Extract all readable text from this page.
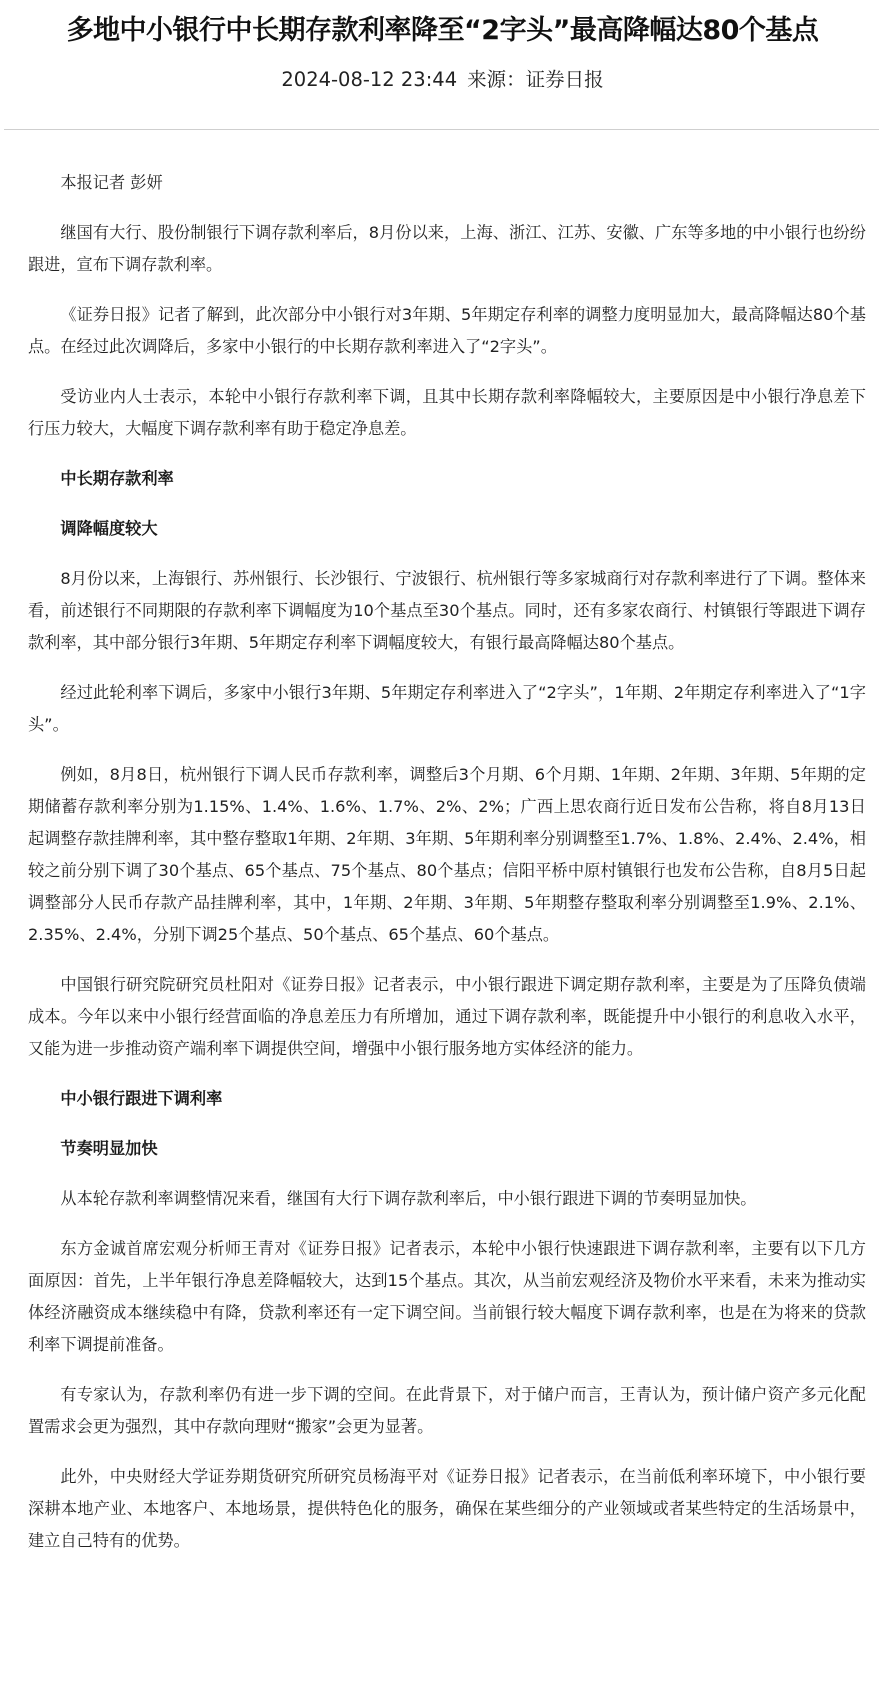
多地中小银行中长期存款利率降至“2字头”最高降幅达80个基点
2024-08-12 23:44 来源：证券日报

本报记者 彭妍

继国有大行、股份制银行下调存款利率后，8月份以来，上海、浙江、江苏、安徽、广东等多地的中小银行也纷纷跟进，宣布下调存款利率。

《证券日报》记者了解到，此次部分中小银行对3年期、5年期定存利率的调整力度明显加大，最高降幅达80个基点。在经过此次调降后，多家中小银行的中长期存款利率进入了“2字头”。

受访业内人士表示，本轮中小银行存款利率下调，且其中长期存款利率降幅较大，主要原因是中小银行净息差下行压力较大，大幅度下调存款利率有助于稳定净息差。

中长期存款利率

调降幅度较大

8月份以来，上海银行、苏州银行、长沙银行、宁波银行、杭州银行等多家城商行对存款利率进行了下调。整体来看，前述银行不同期限的存款利率下调幅度为10个基点至30个基点。同时，还有多家农商行、村镇银行等跟进下调存款利率，其中部分银行3年期、5年期定存利率下调幅度较大，有银行最高降幅达80个基点。

经过此轮利率下调后，多家中小银行3年期、5年期定存利率进入了“2字头”，1年期、2年期定存利率进入了“1字头”。

例如，8月8日，杭州银行下调人民币存款利率，调整后3个月期、6个月期、1年期、2年期、3年期、5年期的定期储蓄存款利率分别为1.15%、1.4%、1.6%、1.7%、2%、2%；广西上思农商行近日发布公告称，将自8月13日起调整存款挂牌利率，其中整存整取1年期、2年期、3年期、5年期利率分别调整至1.7%、1.8%、2.4%、2.4%，相较之前分别下调了30个基点、65个基点、75个基点、80个基点；信阳平桥中原村镇银行也发布公告称，自8月5日起调整部分人民币存款产品挂牌利率，其中，1年期、2年期、3年期、5年期整存整取利率分别调整至1.9%、2.1%、2.35%、2.4%，分别下调25个基点、50个基点、65个基点、60个基点。

中国银行研究院研究员杜阳对《证券日报》记者表示，中小银行跟进下调定期存款利率，主要是为了压降负债端成本。今年以来中小银行经营面临的净息差压力有所增加，通过下调存款利率，既能提升中小银行的利息收入水平，又能为进一步推动资产端利率下调提供空间，增强中小银行服务地方实体经济的能力。

中小银行跟进下调利率

节奏明显加快

从本轮存款利率调整情况来看，继国有大行下调存款利率后，中小银行跟进下调的节奏明显加快。

东方金诚首席宏观分析师王青对《证券日报》记者表示，本轮中小银行快速跟进下调存款利率，主要有以下几方面原因：首先，上半年银行净息差降幅较大，达到15个基点。其次，从当前宏观经济及物价水平来看，未来为推动实体经济融资成本继续稳中有降，贷款利率还有一定下调空间。当前银行较大幅度下调存款利率，也是在为将来的贷款利率下调提前准备。

有专家认为，存款利率仍有进一步下调的空间。在此背景下，对于储户而言，王青认为，预计储户资产多元化配置需求会更为强烈，其中存款向理财“搬家”会更为显著。

此外，中央财经大学证券期货研究所研究员杨海平对《证券日报》记者表示，在当前低利率环境下，中小银行要深耕本地产业、本地客户、本地场景，提供特色化的服务，确保在某些细分的产业领域或者某些特定的生活场景中，建立自己特有的优势。
